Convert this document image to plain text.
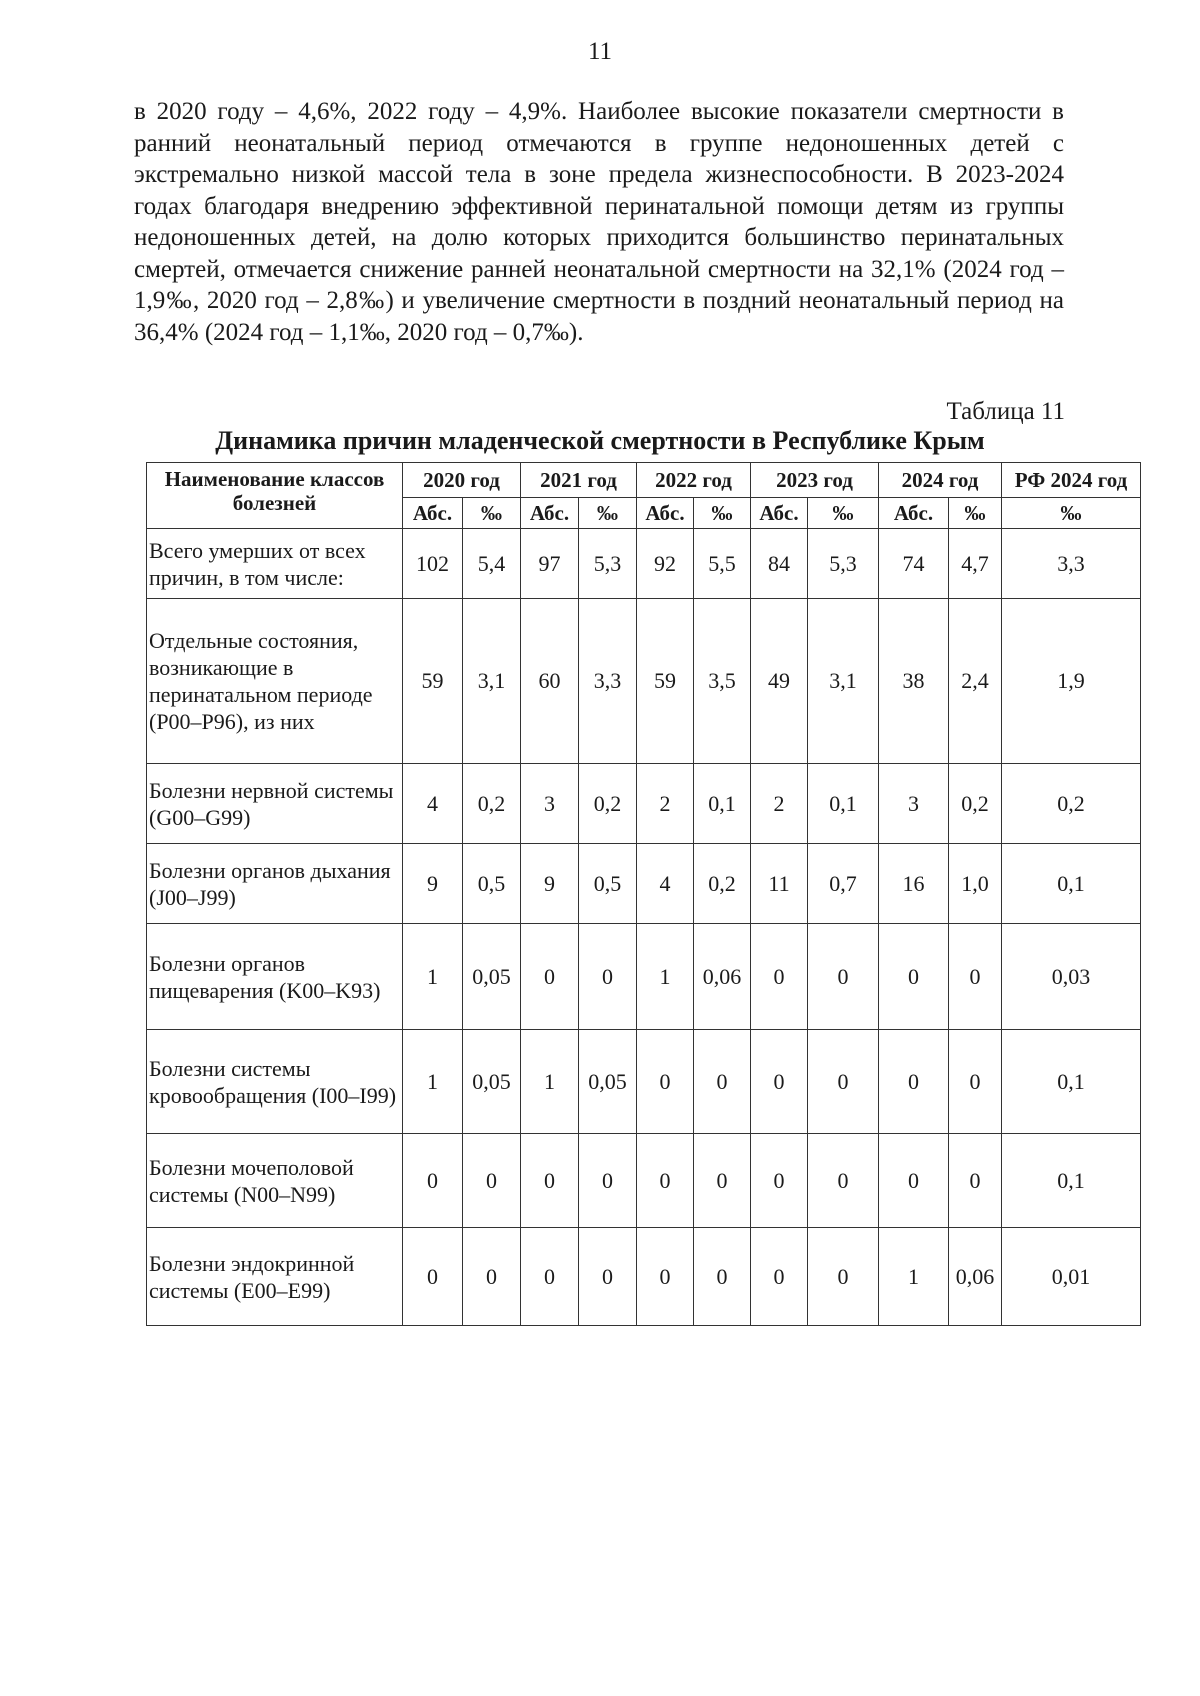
11

в 2020 году – 4,6%, 2022 году – 4,9%. Наиболее высокие показатели смертности в ранний неонатальный период отмечаются в группе недоношенных детей с экстремально низкой массой тела в зоне предела жизнеспособности. В 2023-2024 годах благодаря внедрению эффективной перинатальной помощи детям из группы недоношенных детей, на долю которых приходится большинство перинатальных смертей, отмечается снижение ранней неонатальной смертности на 32,1% (2024 год – 1,9‰, 2020 год – 2,8‰) и увеличение смертности в поздний неонатальный период на 36,4% (2024 год – 1,1‰, 2020 год – 0,7‰).

Таблица 11
Динамика причин младенческой смертности в Республике Крым
Наименование классов болезней	2020 год		2021 год		2022 год		2023 год		2024 год		РФ 2024 год
	Абс.	‰	Абс.	‰	Абс.	‰	Абс.	‰	Абс.	‰	‰
Всего умерших от всех причин, в том числе:	102	5,4	97	5,3	92	5,5	84	5,3	74	4,7	3,3
Отдельные состояния, возникающие в перинатальном периоде (P00–P96), из них	59	3,1	60	3,3	59	3,5	49	3,1	38	2,4	1,9
Болезни нервной системы (G00–G99)	4	0,2	3	0,2	2	0,1	2	0,1	3	0,2	0,2
Болезни органов дыхания (J00–J99)	9	0,5	9	0,5	4	0,2	11	0,7	16	1,0	0,1
Болезни органов пищеварения (K00–K93)	1	0,05	0	0	1	0,06	0	0	0	0	0,03
Болезни системы кровообращения (I00–I99)	1	0,05	1	0,05	0	0	0	0	0	0	0,1
Болезни мочеполовой системы (N00–N99)	0	0	0	0	0	0	0	0	0	0	0,1
Болезни эндокринной системы (E00–E99)	0	0	0	0	0	0	0	0	1	0,06	0,01
